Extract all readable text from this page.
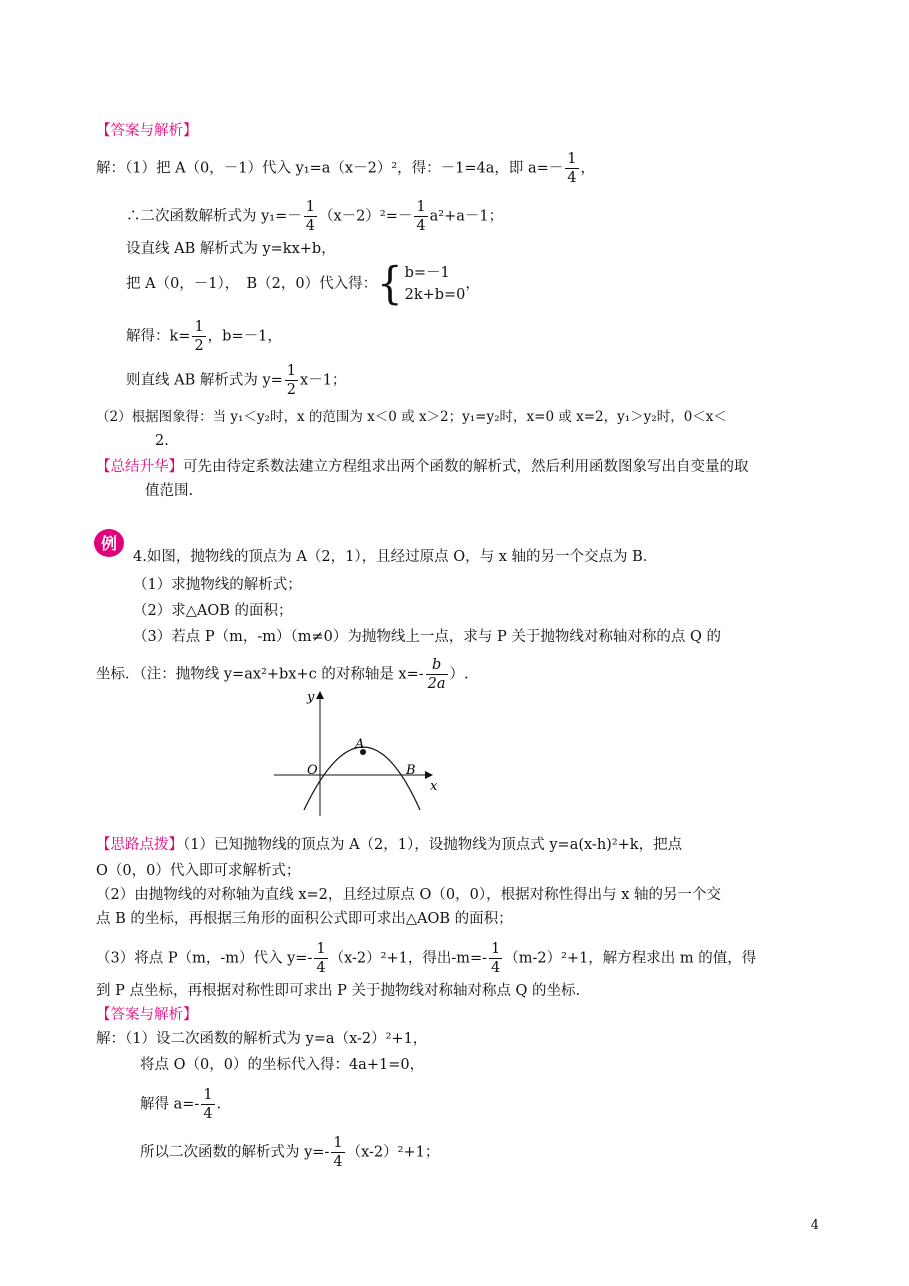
【答案与解析】
解：（1）把 A（0，－1）代入 y₁=a（x－2）²，得：－1=4a，即 $a=- \frac{1}{4}$ ，
∴二次函数解析式为 $y_1=- \frac{1}{4} (x-2)^2=- \frac{1}{4} a^2+a-1$；
设直线 AB 解析式为 y=kx+b，
把 A（0，－1），　B（2，0）代入得：{ b=－1
2k+b=0
，
解得：$k= \frac{1}{2}$ ，b=－1，
则直线 AB 解析式为 $y= \frac{1}{2} x-1$；
（2）根据图象得：当 y₁＜y₂时，x 的范围为 x＜0 或 x＞2；y₁=y₂时，x=0 或 x=2，y₁＞y₂时，0＜x＜
2.
【总结升华】可先由待定系数法建立方程组求出两个函数的解析式，然后利用函数图象写出自变量的取
值范围.
例
4.如图，抛物线的顶点为 A（2，1），且经过原点 O，与 x 轴的另一个交点为 B．
（1）求抛物线的解析式；
（2）求△AOB 的面积；
（3）若点 P（m，-m）（m≠0）为抛物线上一点，求与 P 关于抛物线对称轴对称的点 Q 的
坐标．（注：抛物线 y=ax²+bx+c 的对称轴是 $x=- \frac{b}{2a}$ ）.
y
x
O
A
B
【思路点拨】（1）已知抛物线的顶点为 A（2，1），设抛物线为顶点式 y=a(x-h)²+k，把点
O（0，0）代入即可求解析式；
（2）由抛物线的对称轴为直线 x=2，且经过原点 O（0，0），根据对称性得出与 x 轴的另一个交
点 B 的坐标，再根据三角形的面积公式即可求出△AOB 的面积；
（3）将点 P（m，-m）代入 $y=- \frac{1}{4} (x-2)^2+1$，得出$-m=- \frac{1}{4} (m-2)^2+1$，解方程求出 m 的值，得
到 P 点坐标，再根据对称性即可求出 P 关于抛物线对称轴对称点 Q 的坐标.
【答案与解析】
解：（1）设二次函数的解析式为 y=a（x-2）²+1，
将点 O（0，0）的坐标代入得：4a+1=0，
解得 $a=- \frac{1}{4}$ .
所以二次函数的解析式为 $y=- \frac{1}{4} (x-2)^2+1$；
4
